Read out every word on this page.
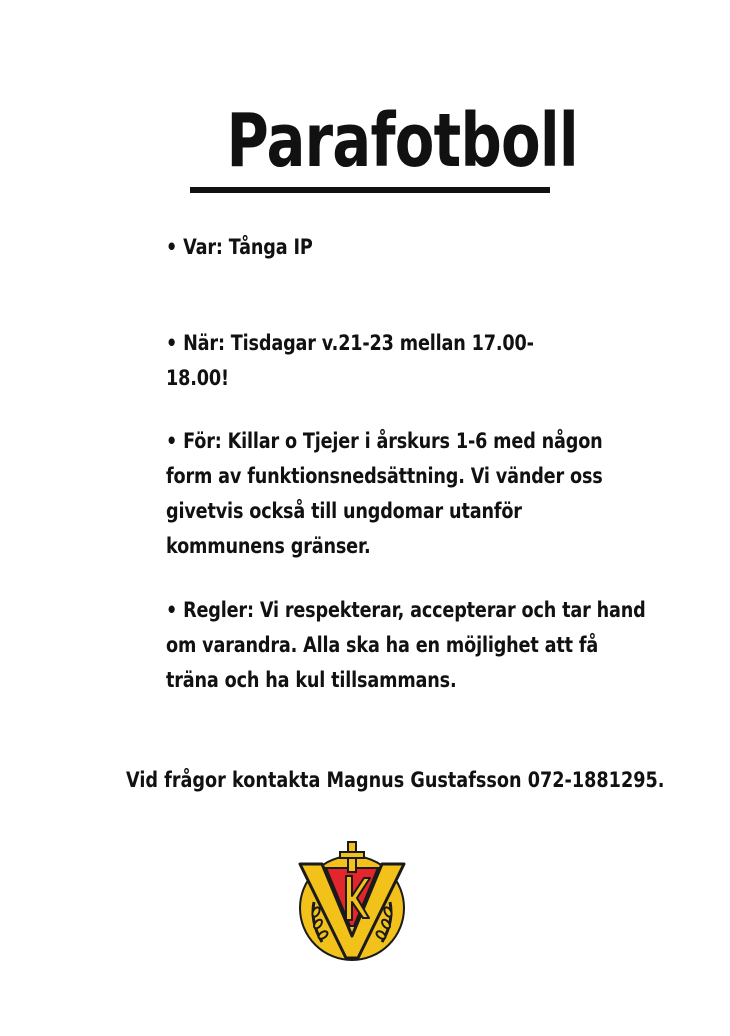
Parafotboll
• Var: Tånga IP
• När: Tisdagar v.21-23 mellan 17.00-18.00!
• För: Killar o Tjejer i årskurs 1-6 med någon form av funktionsnedsättning. Vi vänder oss givetvis också till ungdomar utanför kommunens gränser.
• Regler: Vi respekterar, accepterar och tar hand om varandra. Alla ska ha en möjlighet att få träna och ha kul tillsammans.
Vid frågor kontakta Magnus Gustafsson 072-1881295.
